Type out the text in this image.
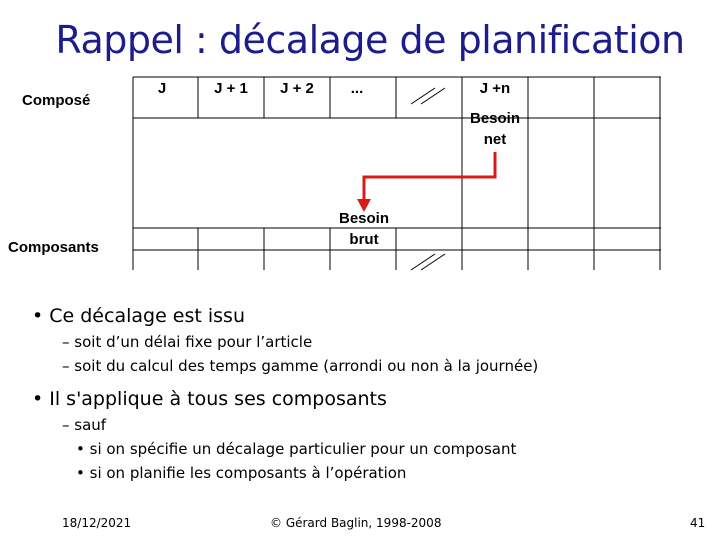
Rappel : décalage de planification
Composé
Composants
J	J + 1	J + 2	...	J +n
Besoin
net
Besoin
brut
• Ce décalage est issu
– soit d’un délai fixe pour l’article
– soit du calcul des temps gamme (arrondi ou non à la journée)
• Il s'applique à tous ses composants
– sauf
• si on spécifie un décalage particulier pour un composant
• si on planifie les composants à l’opération
18/12/2021	© Gérard Baglin, 1998-2008	41
